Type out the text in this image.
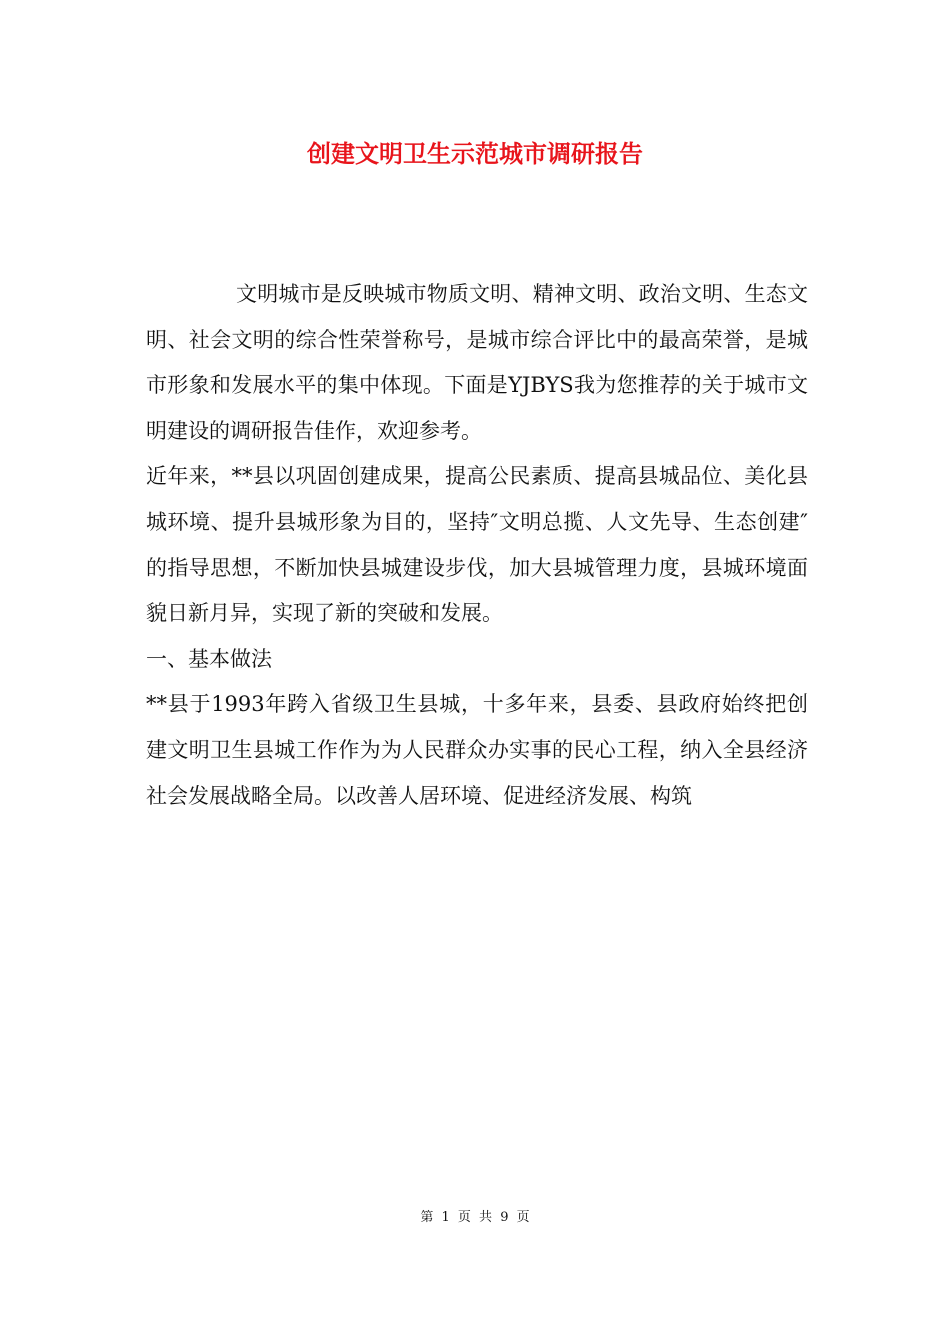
创建文明卫生示范城市调研报告

文明城市是反映城市物质文明、精神文明、政治文明、生态文明、社会文明的综合性荣誉称号，是城市综合评比中的最高荣誉，是城市形象和发展水平的集中体现。下面是YJBYS我为您推荐的关于城市文明建设的调研报告佳作，欢迎参考。

近年来，**县以巩固创建成果，提高公民素质、提高县城品位、美化县城环境、提升县城形象为目的，坚持″文明总揽、人文先导、生态创建″的指导思想，不断加快县城建设步伐，加大县城管理力度，县城环境面貌日新月异，实现了新的突破和发展。

一、基本做法

**县于1993年跨入省级卫生县城，十多年来，县委、县政府始终把创建文明卫生县城工作作为为人民群众办实事的民心工程，纳入全县经济社会发展战略全局。以改善人居环境、促进经济发展、构筑

第 1 页 共 9 页
